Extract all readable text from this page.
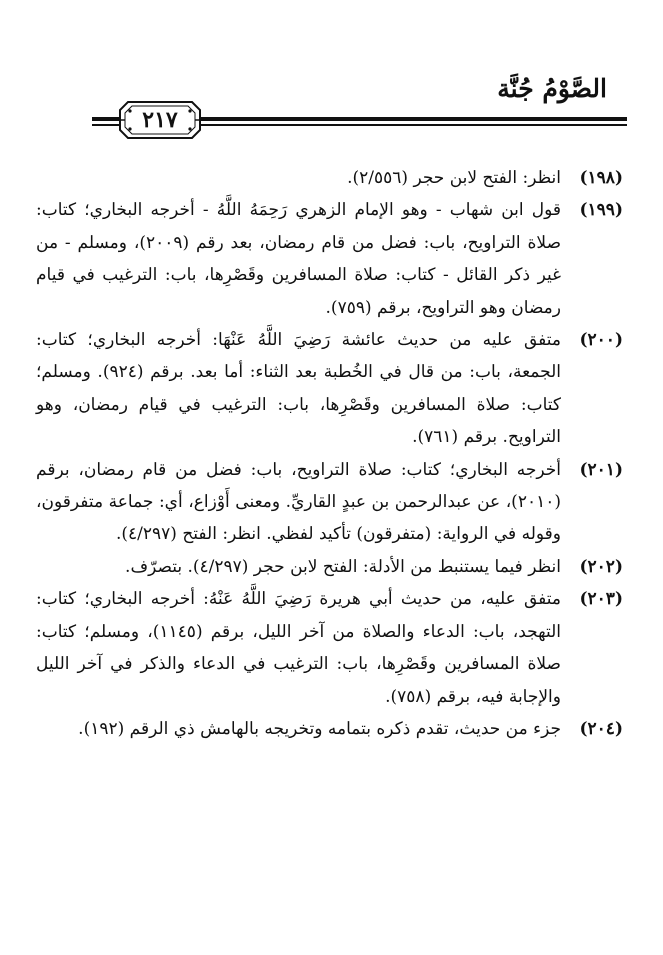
الصَّوْمُ جُنَّة
٢١٧

(١٩٨)
انظر: الفتح لابن حجر (٢/٥٥٦).

(١٩٩)
قول ابن شهاب - وهو الإمام الزهري رَحِمَهُ اللَّهُ - أخرجه البخاري؛ كتاب: صلاة التراويح، باب: فضل من قام رمضان، بعد رقم (٢٠٠٩)، ومسلم - من غير ذكر القائل - كتاب: صلاة المسافرين وقَصْرِها، باب: الترغيب في قيام رمضان وهو التراويح، برقم (٧٥٩).

(٢٠٠)
متفق عليه من حديث عائشة رَضِيَ اللَّهُ عَنْهَا: أخرجه البخاري؛ كتاب: الجمعة، باب: من قال في الخُطبة بعد الثناء: أما بعد. برقم (٩٢٤). ومسلم؛ كتاب: صلاة المسافرين وقَصْرِها، باب: الترغيب في قيام رمضان، وهو التراويح. برقم (٧٦١).

(٢٠١)
أخرجه البخاري؛ كتاب: صلاة التراويح، باب: فضل من قام رمضان، برقم (٢٠١٠)، عن عبدالرحمن بن عبدٍ القاريِّ. ومعنى أَوْزاع، أي: جماعة متفرقون، وقوله في الرواية: (متفرقون) تأكيد لفظي. انظر: الفتح (٤/٢٩٧).

(٢٠٢)
انظر فيما يستنبط من الأدلة: الفتح لابن حجر (٤/٢٩٧). بتصرّف.

(٢٠٣)
متفق عليه، من حديث أبي هريرة رَضِيَ اللَّهُ عَنْهُ: أخرجه البخاري؛ كتاب: التهجد، باب: الدعاء والصلاة من آخر الليل، برقم (١١٤٥)، ومسلم؛ كتاب: صلاة المسافرين وقَصْرِها، باب: الترغيب في الدعاء والذكر في آخر الليل والإجابة فيه، برقم (٧٥٨).

(٢٠٤)
جزء من حديث، تقدم ذكره بتمامه وتخريجه بالهامش ذي الرقم (١٩٢).
